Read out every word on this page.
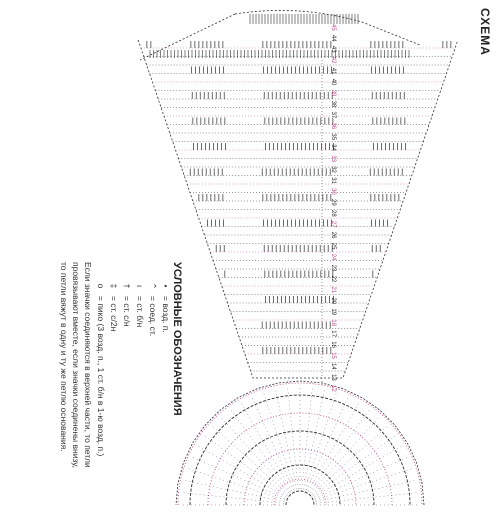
12
13
14
15
16
17
18
19
20
21
22
23
24
25
26
27
28
29
30
31
32
33
34
35
36
37
38
39
40
41
42
43
44
45	СХЕМА
УСЛОВНЫЕ ОБОЗНАЧЕНИЯ
•= возд. п.
⌃= соед. ст.
ı= ст. б/н
†= ст. с/н
‡= ст. с/2н
o= пико (3 возд. п., 1 ст. б/н в 1-ю возд. п.)
Если значки соединяются в верхней части, то петли
провязывают вместе, если значки соединены внизу,
то петли вяжут в одну и ту же петлю основания.
